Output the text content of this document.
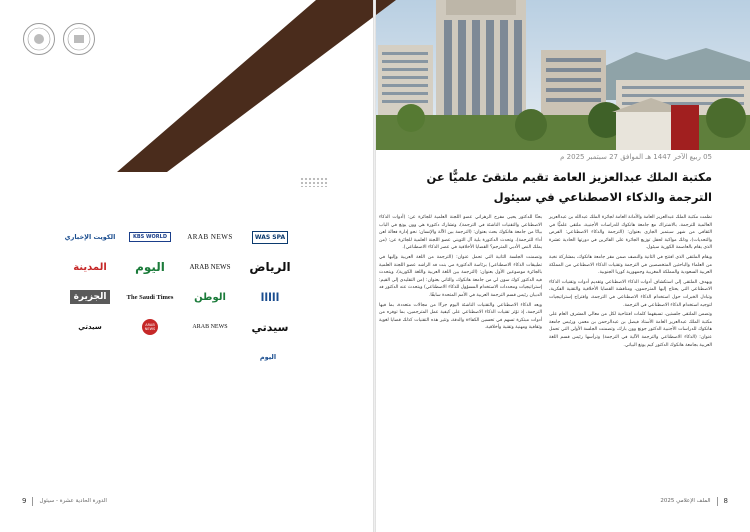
05 ربيع الآخر 1447 هـ الموافق 27 سبتمبر 2025 م
مكتبة الملك عبدالعزيز العامة تقيم ملتقىً علميًّا عن الترجمة والذكاء الاصطناعي في سيئول

نظمت مكتبة الملك عبدالعزيز العامة والأمانة العامة لجائزة الملك عبدالله بن عبدالعزيز العالمية للترجمة، بالاشتراك مع جامعة هانكوك للدراسات الأجنبية، ملتقى علميًّا في الثقافي من شهر سبتمبر الجاري بعنوان: (الترجمة والذكاء الاصطناعي: الفرص والتحديات)، وذلك مواكبة لحفل توزيع الجائزة على الفائزين في دورتها الحادية عشرة الذي يقام بالعاصمة الكورية سيئول.

ويقام الملتقى الذي افتتح في الثانية والنصف ضمن مقر جامعة هانكوك، بمشاركة نخبة من العلماء والباحثين المتخصصين في الترجمة وتقنيات الذكاء الاصطناعي من المملكة العربية السعودية والمملكة المغربية وجمهورية كوريا الجنوبية.

ويهدف الملتقى إلى استكشاف أدوات الذكاء الاصطناعي وتقديم أدوات وتقنيات الذكاء الاصطناعي التي يحتاج إليها المترجمون، ومناقشة القضايا الأخلاقية والتقنية الفكرية، وتبادل الخبرات حول استخدام الذكاء الاصطناعي في الترجمة، واقتراح إستراتيجيات لتوجيه استخدام الذكاء الاصطناعي في الترجمة.

وتضمن الملتقى جلستين، تسبقهما كلمات افتتاحية لكل من معالي المشرف العام على مكتبة الملك عبدالعزيز العامة الأستاذ فيصل بن عبدالرحمن بن معمر، ورئيس جامعة هانكوك للدراسات الأجنبية الدكتور جونغ وون بارك، وتضمنت الجلسة الأولى التي تحمل عنوان: (الذكاء الاصطناعي والترجمة الآلية في الترجمة) وترأسها رئيس قسم اللغة العربية بجامعة هانكوك الدكتور كيم يونغ البياتي.

بحثًا للدكتور يحيى مفرح الزهراني عضو اللجنة العلمية للجائزة عن: (أدوات الذكاء الاصطناعي والتقنيات الناشئة في الترجمة)، وتشارك دكتورة هي وون يونغ في الباب بيانًا من جامعة هانكوك بحث بعنوان: (الترجمة بين الآلة والإنسان: نحو إدارة فعالة لعن أداء للترجمة)، وتحدث الدكتورة بلية آل الثويني عضو اللجنة العلمية للجائزة عن: (من يملك النص الأدبي المترجم؟ القضايا الأخلاقية في عصر الذكاء الاصطناعي).

وتضمنت الجلسة الثانية التي تحمل عنوان: (الترجمة من اللغة العربية وإليها في تطبيقات الذكاء الاصطناعي) برئاسة الدكتورة مي بنت فد الراشد عضو اللجنة العلمية بالجائزة موضوعين الأول بعنوان: (الترجمة بين اللغة العربية واللغة الكورية)، ويتحدث فيه الدكتور كوك سون لي من جامعة هانكوك، والثاني بعنوان: (من التقليدي إلى القيم: إستراتيجيات ومحددات الاستخدام المسؤول للذكاء الاصطناعي) ويتحدث عنه الدكتور فد الدبيان رئيس قسم الترجمة العربية في الأمم المتحدة سابقًا.

ويعد الذكاء الاصطناعي والتقنيات الناشئة اليوم جزءًا من مجالات متعددة، بما فيها الترجمة، إذ تؤثر تقنيات الذكاء الاصطناعي على كيفية عمل المترجمين، بما توفره من أدوات مبتكرة تسهم في تحسين الكفاءة والدقة، وتثير هذه التقنيات كذلك قضايا لغوية وثقافية ومهنية وتقنية وأخلاقية.

الكويت الإخباري	KBS WORLD	ARAB NEWS	WAS SPA
المدينة اليوم	ARAB NEWS الرياض
الجزيرة	The Saudi Times الوطن	ااااا
سيدتي	ARAB NEWS	ARAB NEWS سيدتي
اليوم
9 الدورة الحادية عشرة - سيئول	الملف الإعلامي 2025 8
